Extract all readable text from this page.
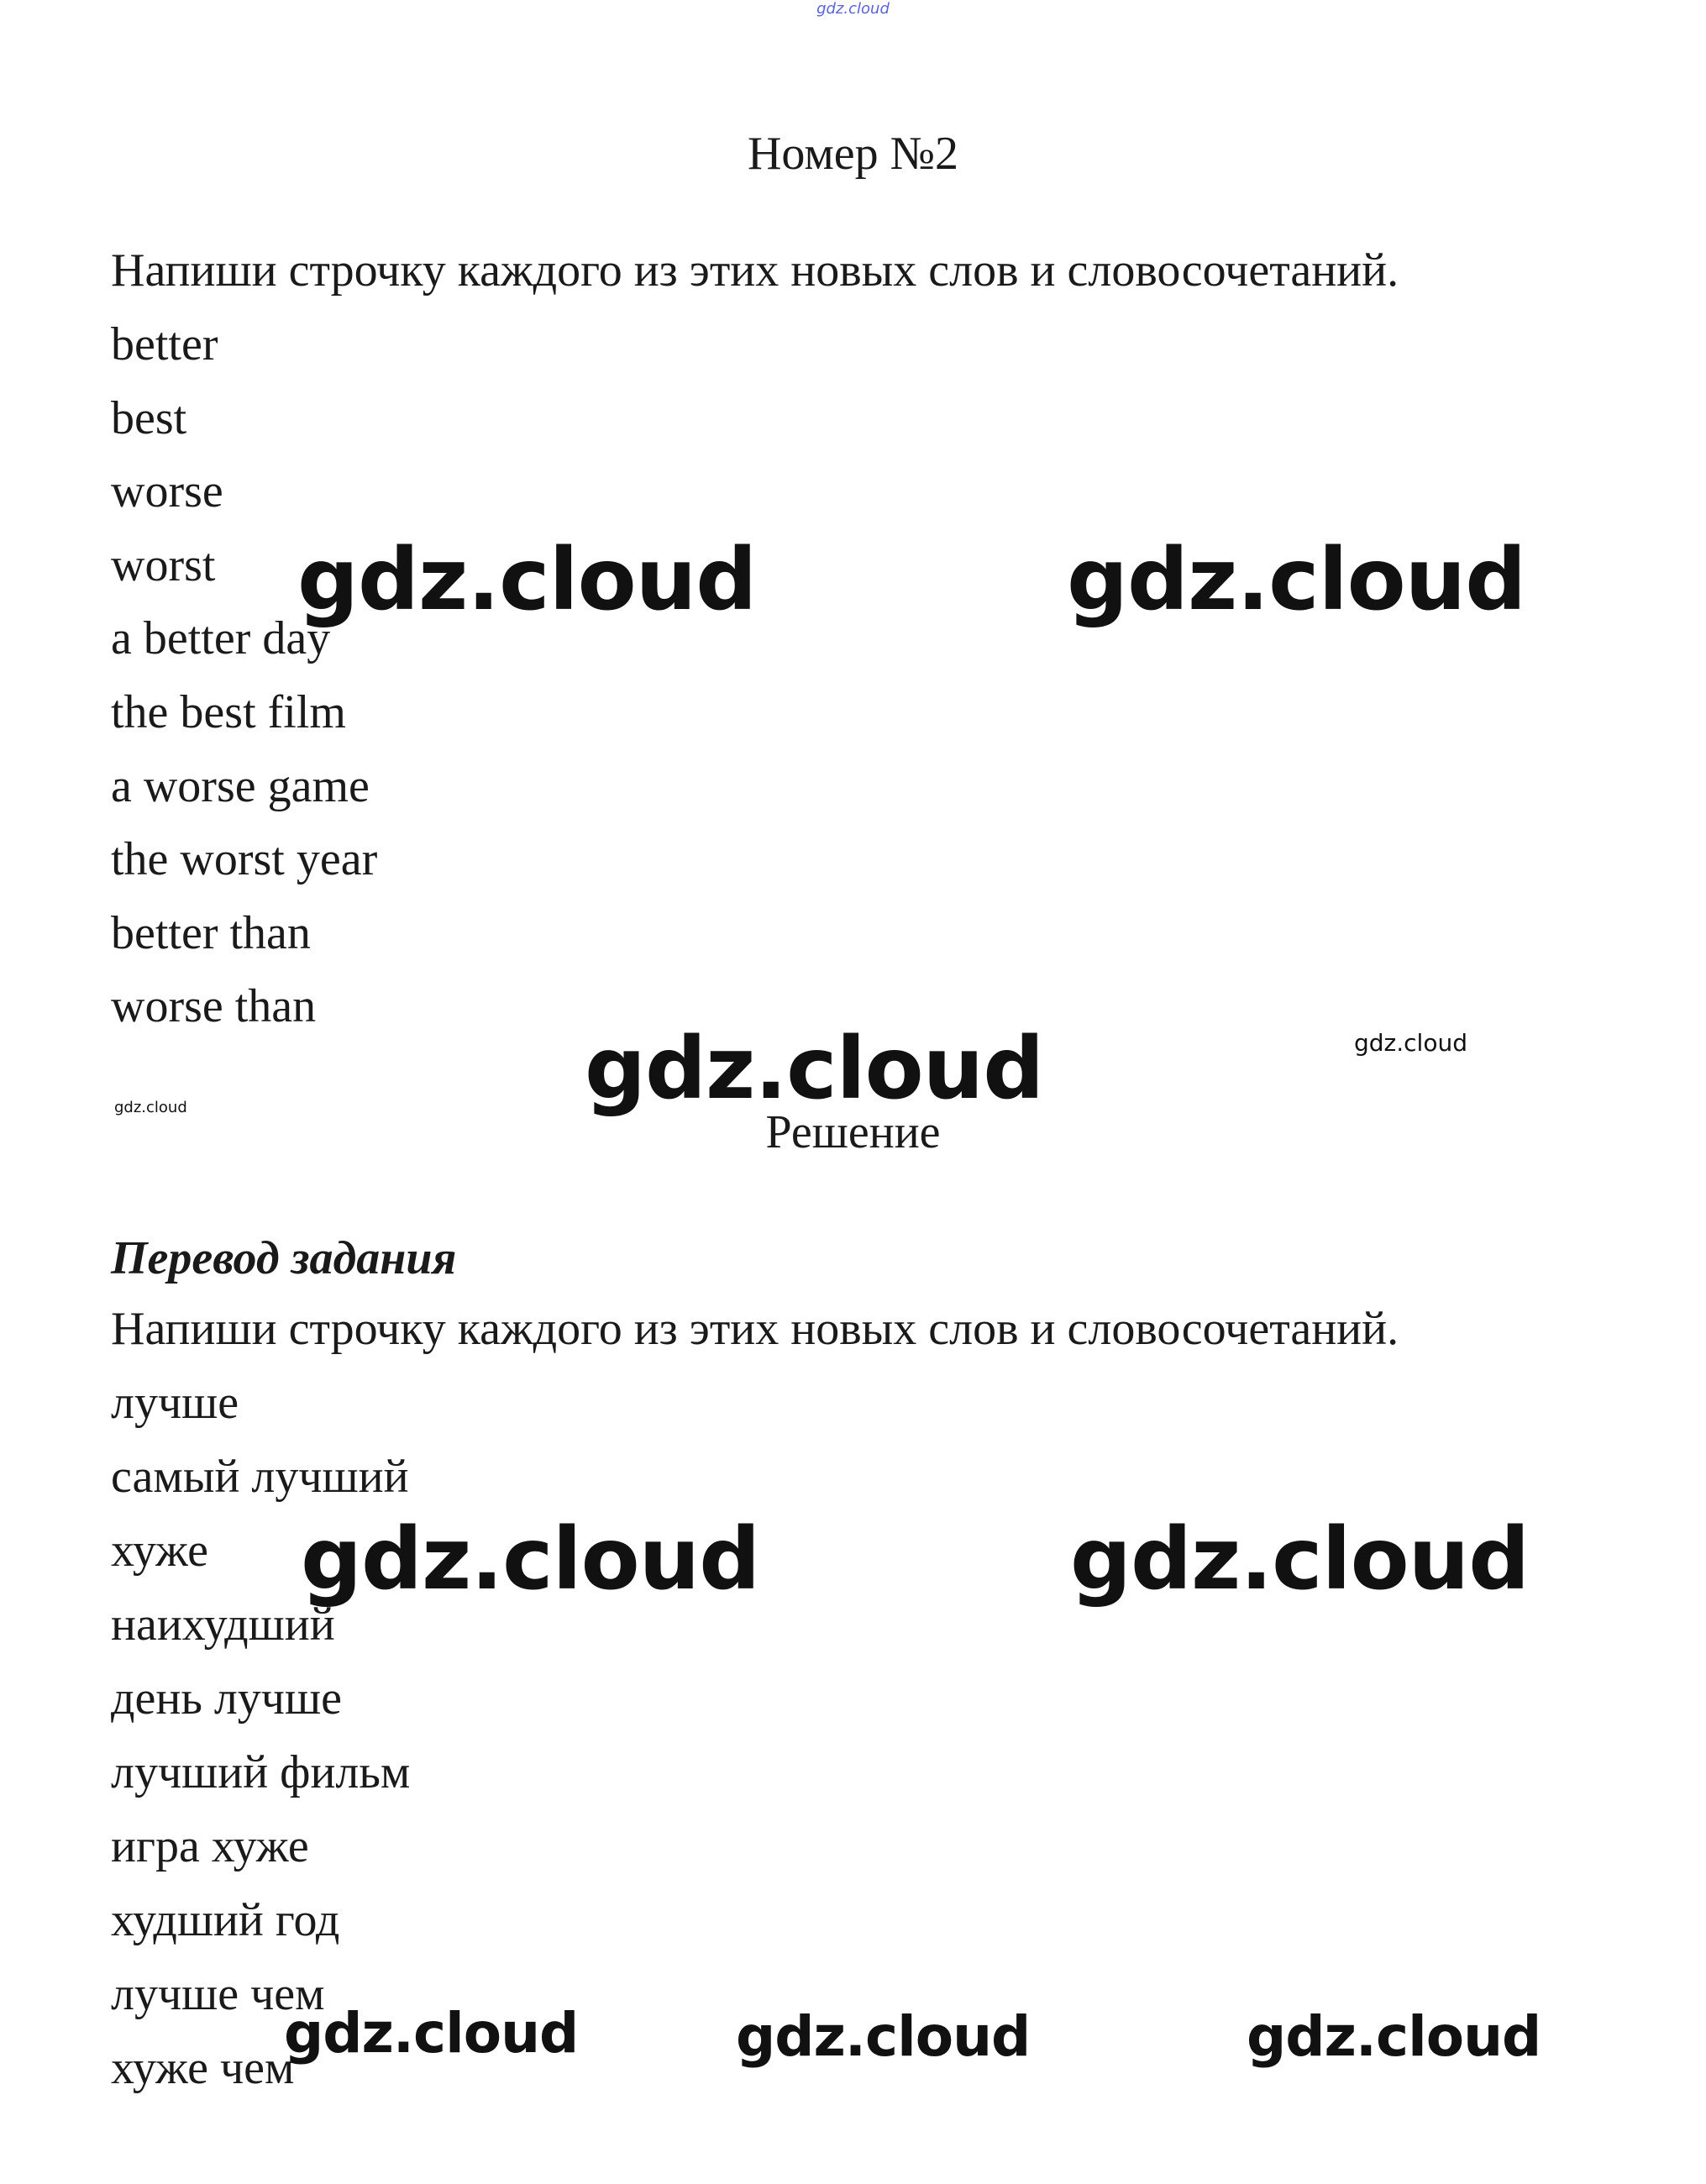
gdz.cloud
Номер №2
Напиши строчку каждого из этих новых слов и словосочетаний.
better
best
worse
worst
a better day
the best film
a worse game
the worst year
better than
worse than
Решение
Перевод задания
Напиши строчку каждого из этих новых слов и словосочетаний.
лучше
самый лучший
хуже
наихудший
день лучше
лучший фильм
игра хуже
худший год
лучше чем
хуже чем
gdz.cloud	gdz.cloud
gdz.cloud	gdz.cloud
gdz.cloud
gdz.cloud	gdz.cloud
gdz.cloud	gdz.cloud	gdz.cloud
